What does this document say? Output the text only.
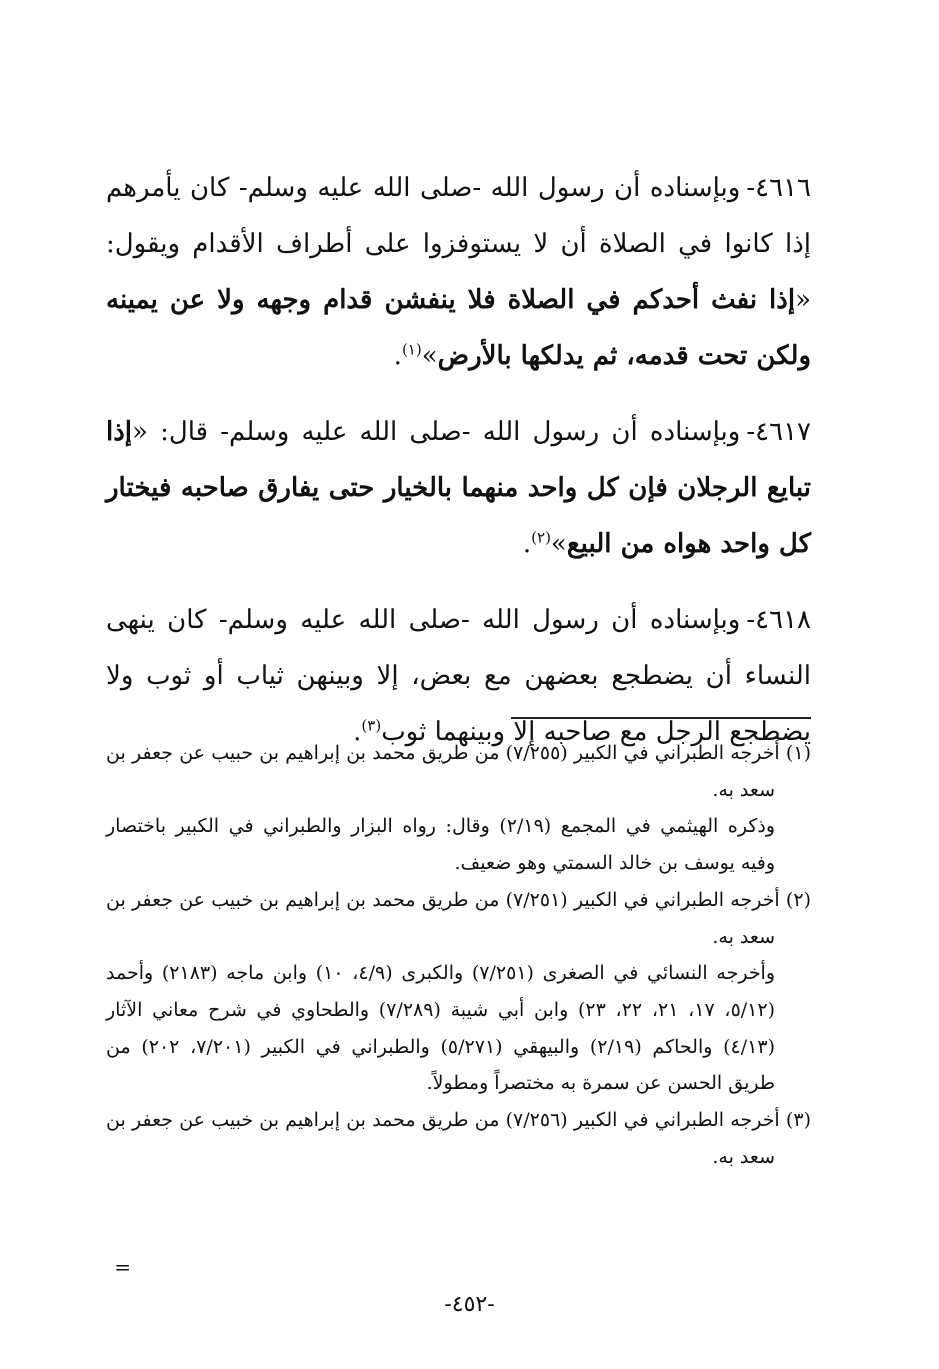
٤٦١٦-وبإسناده أن رسول الله -صلى الله عليه وسلم- كان يأمرهم إذا كانوا في الصلاة أن لا يستوفزوا على أطراف الأقدام ويقول: «إذا نفث أحدكم في الصلاة فلا ينفشن قدام وجهه ولا عن يمينه ولكن تحت قدمه، ثم يدلكها بالأرض»$^{(١)}$.

٤٦١٧-وبإسناده أن رسول الله -صلى الله عليه وسلم- قال: «إذا تبايع الرجلان فإن كل واحد منهما بالخيار حتى يفارق صاحبه فيختار كل واحد هواه من البيع»$^{(٢)}$.

٤٦١٨-وبإسناده أن رسول الله -صلى الله عليه وسلم- كان ينهى النساء أن يضطجع بعضهن مع بعض، إلا وبينهن ثياب أو ثوب ولا يضطجع الرجل مع صاحبه إلا وبينهما ثوب$^{(٣)}$.

(١) أخرجه الطبراني في الكبير (٧/٢٥٥) من طريق محمد بن إبراهيم بن حبيب عن جعفر بن سعد به.

وذكره الهيثمي في المجمع (٢/١٩) وقال: رواه البزار والطبراني في الكبير باختصار وفيه يوسف بن خالد السمتي وهو ضعيف.

(٢) أخرجه الطبراني في الكبير (٧/٢٥١) من طريق محمد بن إبراهيم بن خبيب عن جعفر بن سعد به.

وأخرجه النسائي في الصغرى (٧/٢٥١) والكبرى (٤/٩، ١٠) وابن ماجه (٢١٨٣) وأحمد (٥/١٢، ١٧، ٢١، ٢٢، ٢٣) وابن أبي شيبة (٧/٢٨٩) والطحاوي في شرح معاني الآثار (٤/١٣) والحاكم (٢/١٩) والبيهقي (٥/٢٧١) والطبراني في الكبير (٧/٢٠١، ٢٠٢) من طريق الحسن عن سمرة به مختصراً ومطولاً.

(٣) أخرجه الطبراني في الكبير (٧/٢٥٦) من طريق محمد بن إبراهيم بن خبيب عن جعفر بن سعد به.

=
-٤٥٢-
